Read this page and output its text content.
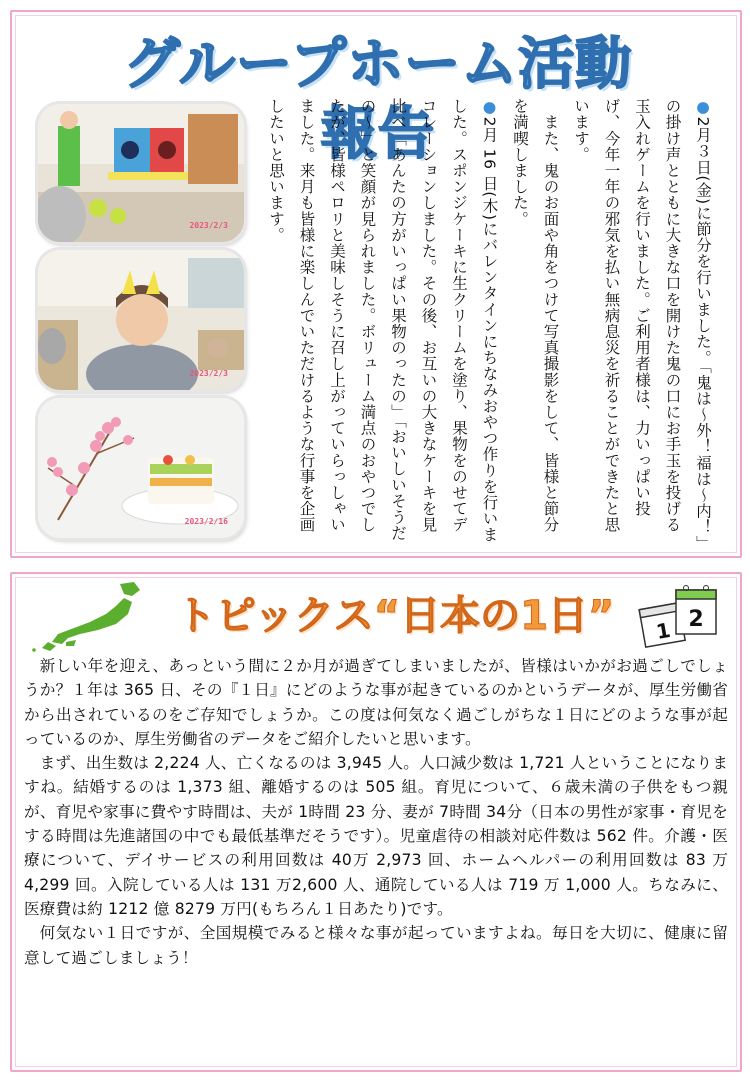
グループホーム活動報告
2023/2/3
2023/2/3
2023/2/16

●2月３日(金)に節分を行いました。「鬼は～外！福は～内！」の掛け声とともに大きな口を開けた鬼の口にお手玉を投げる玉入れゲームを行いました。ご利用者様は、力いっぱい投げ、今年一年の邪気を払い無病息災を祈ることができたと思います。

　また、鬼のお面や角をつけて写真撮影をして、皆様と節分を満喫しました。

●2月 16 日(木)にバレンタインにちなみおやつ作りを行いました。スポンジケーキに生クリームを塗り、果物をのせてデコレーションしました。その後、お互いの大きなケーキを見比べ「あんたの方がいっぱい果物のったの」「おいしいそうだの～」と笑顔が見られました。ボリューム満点のおやつでしたが、皆様ペロリと美味しそうに召し上がっていらっしゃいました。来月も皆様に楽しんでいただけるような行事を企画したいと思います。

トピックス“日本の1日”	1 2

新しい年を迎え、あっという間に２か月が過ぎてしまいましたが、皆様はいかがお過ごしでしょうか？１年は 365 日、その『１日』にどのような事が起きているのかというデータが、厚生労働省から出されているのをご存知でしょうか。この度は何気なく過ごしがちな１日にどのような事が起っているのか、厚生労働省のデータをご紹介したいと思います。

まず、出生数は 2,224 人、亡くなるのは 3,945 人。人口減少数は 1,721 人ということになりますね。結婚するのは 1,373 組、離婚するのは 505 組。育児について、６歳未満の子供をもつ親が、育児や家事に費やす時間は、夫が 1時間 23 分、妻が 7時間 34分（日本の男性が家事・育児をする時間は先進諸国の中でも最低基準だそうです）。児童虐待の相談対応件数は 562 件。介護・医療について、デイサービスの利用回数は 40万 2,973 回、ホームヘルパーの利用回数は 83 万 4,299 回。入院している人は 131 万2,600 人、通院している人は 719 万 1,000 人。ちなみに、医療費は約 1212 億 8279 万円(もちろん１日あたり)です。

何気ない１日ですが、全国規模でみると様々な事が起っていますよね。毎日を大切に、健康に留意して過ごしましょう！
